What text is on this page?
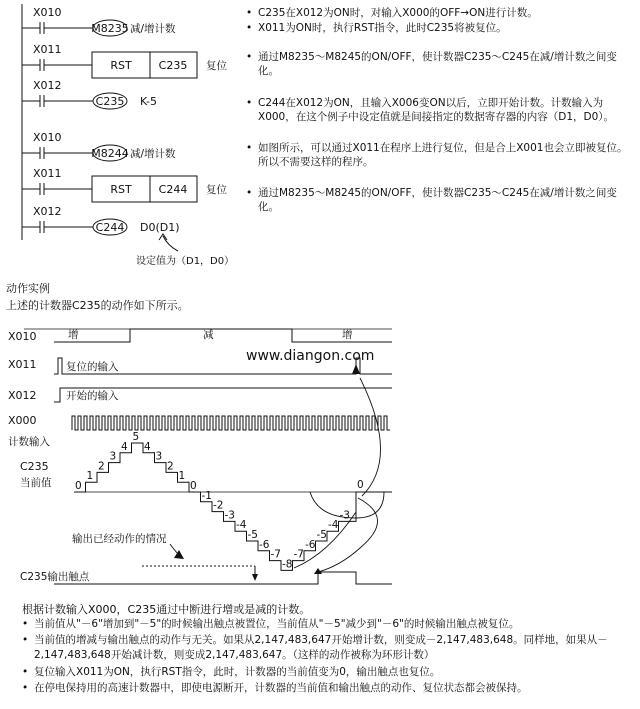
X010
M8235 减/增计数
X011
RST C235 复位
X012
C235 K-5
X010
M8244 减/增计数
X011
RST C244 复位
X012
C244 D0(D1)
设定值为（D1，D0）
• C235在X012为ON时，对输入X000的OFF→ON进行计数。
• X011为ON时，执行RST指令，此时C235将被复位。
• 通过M8235～M8245的ON/OFF，使计数器C235～C245在减/增计数之间变化。
• C244在X012为ON，且输入X006变ON以后，立即开始计数。计数输入为X000，在这个例子中设定值就是间接指定的数据寄存器的内容（D1，D0）。
• 如图所示，可以通过X011在程序上进行复位，但是合上X001也会立即被复位。所以不需要这样的程序。
• 通过M8235～M8245的ON/OFF，使计数器C235～C245在减/增计数之间变化。
动作实例
上述的计数器C235的动作如下所示。
0
1
2
3
4
5
4
3
2
1
0
-1
-2
-3
-4
-5
-6
-7
-8
-7
-6
-5
-4
-3
0
X010	增	减	增
X011	复位的输入
X012	开始的输入
X000
计数输入
C235
当前值
输出已经动作的情况
C235输出触点
www.diangon.com
根据计数输入X000，C235通过中断进行增或是减的计数。
• 当前值从"－6"增加到"－5"的时候输出触点被置位，当前值从"－5"减少到"－6"的时候输出触点被复位。
• 当前值的增减与输出触点的动作与无关。如果从2,147,483,647开始增计数，则变成－2,147,483,648。同样地，如果从－2,147,483,648开始减计数，则变成2,147,483,647。（这样的动作被称为环形计数）
• 复位输入X011为ON，执行RST指令，此时，计数器的当前值变为0，输出触点也复位。
• 在停电保持用的高速计数器中，即使电源断开，计数器的当前值和输出触点的动作、复位状态都会被保持。
